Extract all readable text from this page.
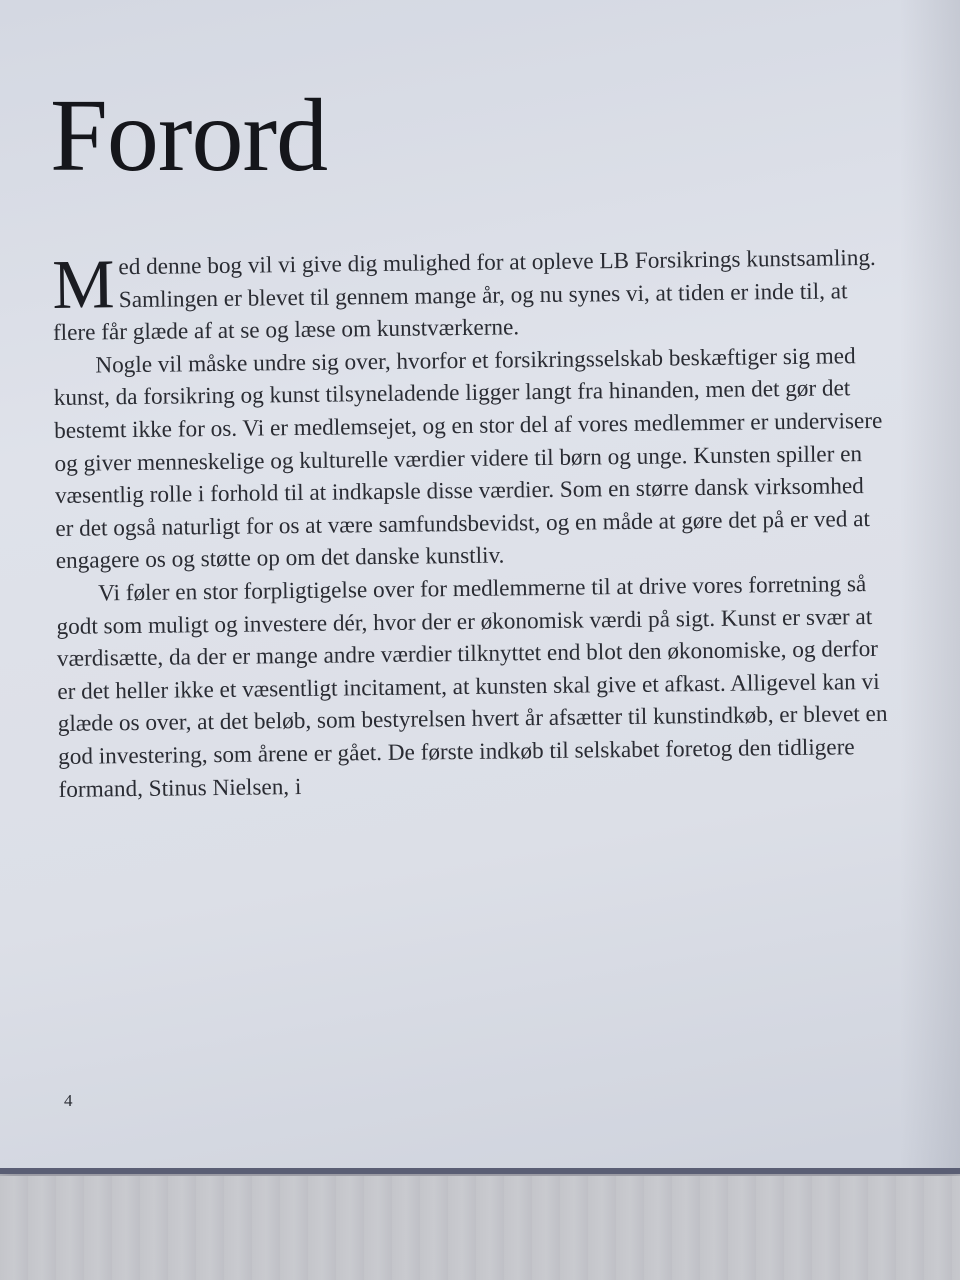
Forord

Med denne bog vil vi give dig mulighed for at opleve LB Forsikrings kunstsamling. Samlingen er blevet til gennem mange år, og nu synes vi, at tiden er inde til, at flere får glæde af at se og læse om kunstværkerne.

Nogle vil måske undre sig over, hvorfor et forsikringsselskab beskæftiger sig med kunst, da forsikring og kunst tilsyneladende ligger langt fra hinanden, men det gør det bestemt ikke for os. Vi er medlemsejet, og en stor del af vores medlemmer er undervisere og giver menneskelige og kulturelle værdier videre til børn og unge. Kunsten spiller en væsentlig rolle i forhold til at indkapsle disse værdier. Som en større dansk virksomhed er det også naturligt for os at være samfundsbevidst, og en måde at gøre det på er ved at engagere os og støtte op om det danske kunstliv.

Vi føler en stor forpligtigelse over for medlemmerne til at drive vores forretning så godt som muligt og investere dér, hvor der er økonomisk værdi på sigt. Kunst er svær at værdisætte, da der er mange andre værdier tilknyttet end blot den økonomiske, og derfor er det heller ikke et væsentligt incitament, at kunsten skal give et afkast. Alligevel kan vi glæde os over, at det beløb, som bestyrelsen hvert år afsætter til kunstindkøb, er blevet en god investering, som årene er gået. De første indkøb til selskabet foretog den tidligere formand, Stinus Nielsen, i

4
